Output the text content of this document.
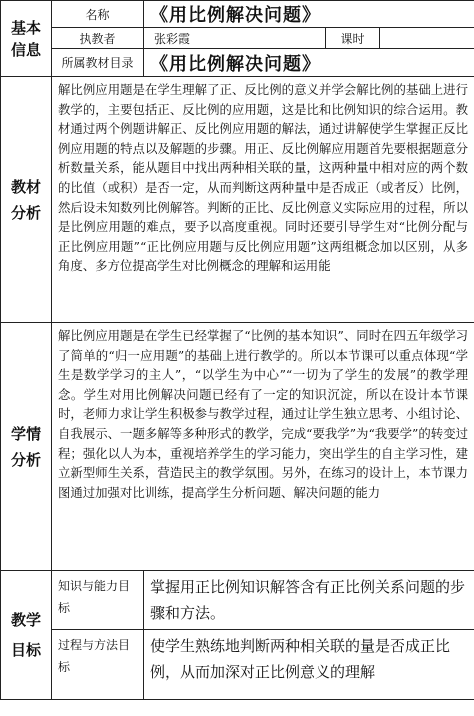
基本信息	名称	《用比例解决问题》		
	执教者	张彩霞	课时	
	所属教材目录	《用比例解决问题》		

教材分析	解比例应用题是在学生理解了正、反比例的意义并学会解比例的基础上进行教学的，主要包括正、反比例的应用题，这是比和比例知识的综合运用。教材通过两个例题讲解正、反比例应用题的解法，通过讲解使学生掌握正反比例应用题的特点以及解题的步骤。用正、反比例解应用题首先要根据题意分析数量关系，能从题目中找出两种相关联的量，这两种量中相对应的两个数的比值（或积）是否一定，从而判断这两种量中是否成正（或者反）比例，然后设未知数列比例解答。判断的正比、反比例意义实际应用的过程，所以是比例应用题的难点，要予以高度重视。同时还要引导学生对“比例分配与正比例应用题”“正比例应用题与反比例应用题”这两组概念加以区别，从多角度、多方位提高学生对比例概念的理解和运用能			

学情分析	解比例应用题是在学生已经掌握了“比例的基本知识”、同时在四五年级学习了简单的“归一应用题”的基础上进行教学的。所以本节课可以重点体现“学生是数学学习的主人”，“以学生为中心”“一切为了学生的发展”的教学理念。学生对用比例解决问题已经有了一定的知识沉淀，所以在设计本节课时，老师力求让学生积极参与教学过程，通过让学生独立思考、小组讨论、自我展示、一题多解等多种形式的教学，完成“要我学”为“我要学”的转变过程；强化以人为本，重视培养学生的学习能力，突出学生的自主学习性，建立新型师生关系，营造民主的教学氛围。另外，在练习的设计上，本节课力图通过加强对比训练，提高学生分析问题、解决问题的能力			

教学目标	知识与能力目标	掌握用正比例知识解答含有正比例关系问题的步骤和方法。		
	过程与方法目标	使学生熟练地判断两种相关联的量是否成正比例，从而加深对正比例意义的理解		
